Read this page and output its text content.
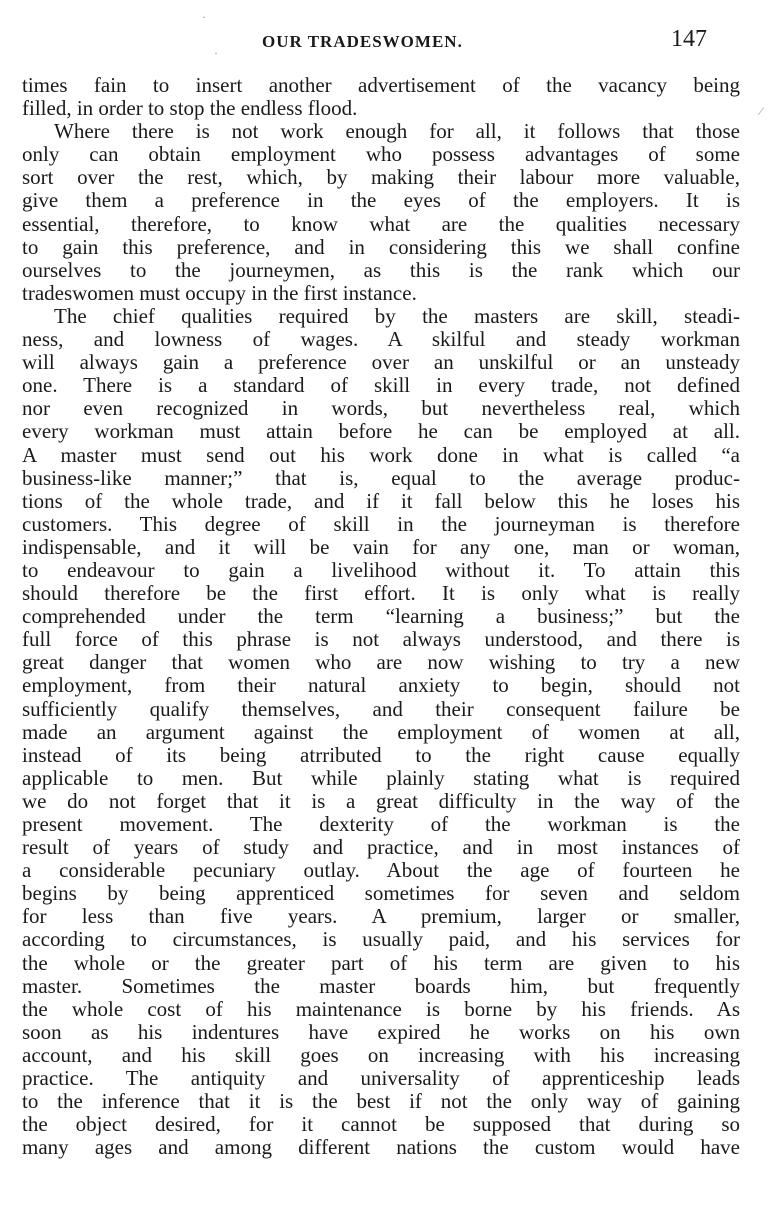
OUR TRADESWOMEN.	147
·
·
⁄
times fain to insert another advertisement of the vacancy being
filled, in order to stop the endless flood.
Where there is not work enough for all, it follows that those
only can obtain employment who possess advantages of some
sort over the rest, which, by making their labour more valuable,
give them a preference in the eyes of the employers. It is
essential, therefore, to know what are the qualities necessary
to gain this preference, and in considering this we shall confine
ourselves to the journeymen, as this is the rank which our
tradeswomen must occupy in the first instance.
The chief qualities required by the masters are skill, steadi-
ness, and lowness of wages. A skilful and steady workman
will always gain a preference over an unskilful or an unsteady
one. There is a standard of skill in every trade, not defined
nor even recognized in words, but nevertheless real, which
every workman must attain before he can be employed at all.
A master must send out his work done in what is called “a
business-like manner;” that is, equal to the average produc-
tions of the whole trade, and if it fall below this he loses his
customers. This degree of skill in the journeyman is therefore
indispensable, and it will be vain for any one, man or woman,
to endeavour to gain a livelihood without it. To attain this
should therefore be the first effort. It is only what is really
comprehended under the term “learning a business;” but the
full force of this phrase is not always understood, and there is
great danger that women who are now wishing to try a new
employment, from their natural anxiety to begin, should not
sufficiently qualify themselves, and their consequent failure be
made an argument against the employment of women at all,
instead of its being atrributed to the right cause equally
applicable to men. But while plainly stating what is required
we do not forget that it is a great difficulty in the way of the
present movement. The dexterity of the workman is the
result of years of study and practice, and in most instances of
a considerable pecuniary outlay. About the age of fourteen he
begins by being apprenticed sometimes for seven and seldom
for less than five years. A premium, larger or smaller,
according to circumstances, is usually paid, and his services for
the whole or the greater part of his term are given to his
master. Sometimes the master boards him, but frequently
the whole cost of his maintenance is borne by his friends. As
soon as his indentures have expired he works on his own
account, and his skill goes on increasing with his increasing
practice. The antiquity and universality of apprenticeship leads
to the inference that it is the best if not the only way of gaining
the object desired, for it cannot be supposed that during so
many ages and among different nations the custom would have
